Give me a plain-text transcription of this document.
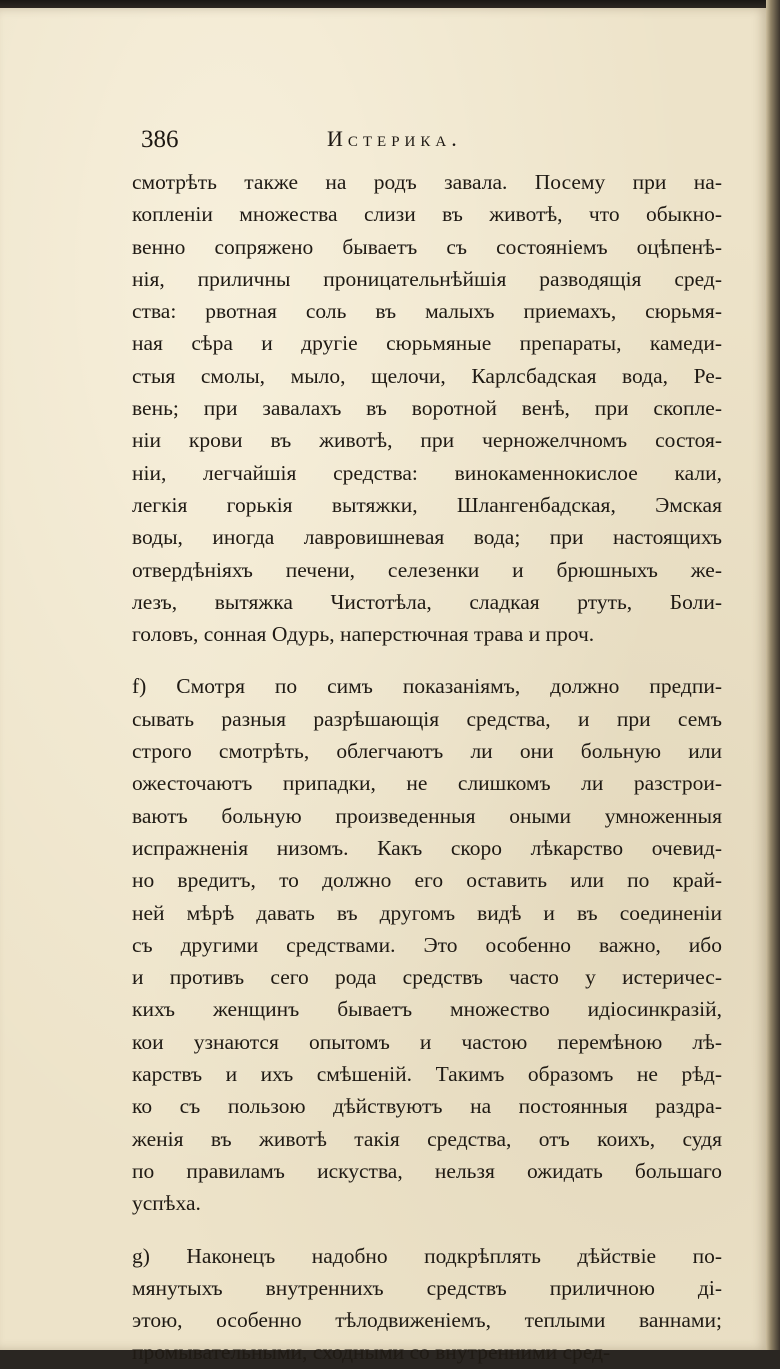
386	Истерика.
смотрѣть также на родъ завала. Посему при на-
копленіи множества слизи въ животѣ, что обыкно-
венно сопряжено бываетъ съ состояніемъ оцѣпенѣ-
нія, приличны проницательнѣйшія разводящія сред-
ства: рвотная соль въ малыхъ приемахъ, сюрьмя-
ная сѣра и другіе сюрьмяные препараты, камеди-
стыя смолы, мыло, щелочи, Карлсбадская вода, Ре-
вень; при завалахъ въ воротной венѣ, при скопле-
ніи крови въ животѣ, при черножелчномъ состоя-
ніи, легчайшія средства: винокаменнокислое кали,
легкія горькія вытяжки, Шлангенбадская, Эмская
воды, иногда лавровишневая вода; при настоящихъ
отвердѣніяхъ печени, селезенки и брюшныхъ же-
лезъ, вытяжка Чистотѣла, сладкая ртуть, Боли-
головъ, сонная Одурь, наперстючная трава и проч.
f) Смотря по симъ показаніямъ, должно предпи-
сывать разныя разрѣшающія средства, и при семъ
строго смотрѣть, облегчаютъ ли они больную или
ожесточаютъ припадки, не слишкомъ ли разстрои-
ваютъ больную произведенныя оными умноженныя
испражненія низомъ. Какъ скоро лѣкарство очевид-
но вредитъ, то должно его оставить или по край-
ней мѣрѣ давать въ другомъ видѣ и въ соединеніи
съ другими средствами. Это особенно важно, ибо
и противъ сего рода средствъ часто у истеричес-
кихъ женщинъ бываетъ множество идіосинкразій,
кои узнаются опытомъ и частою перемѣною лѣ-
карствъ и ихъ смѣшеній. Такимъ образомъ не рѣд-
ко съ пользою дѣйствуютъ на постоянныя раздра-
женія въ животѣ такія средства, отъ коихъ, судя
по правиламъ искуства, нельзя ожидать большаго
успѣха.
g) Наконецъ надобно подкрѣплять дѣйствіе по-
мянутыхъ внутреннихъ средствъ приличною ді-
этою, особенно тѣлодвиженіемъ, теплыми ваннами;
промывательными, сходными со внутренними сред-
